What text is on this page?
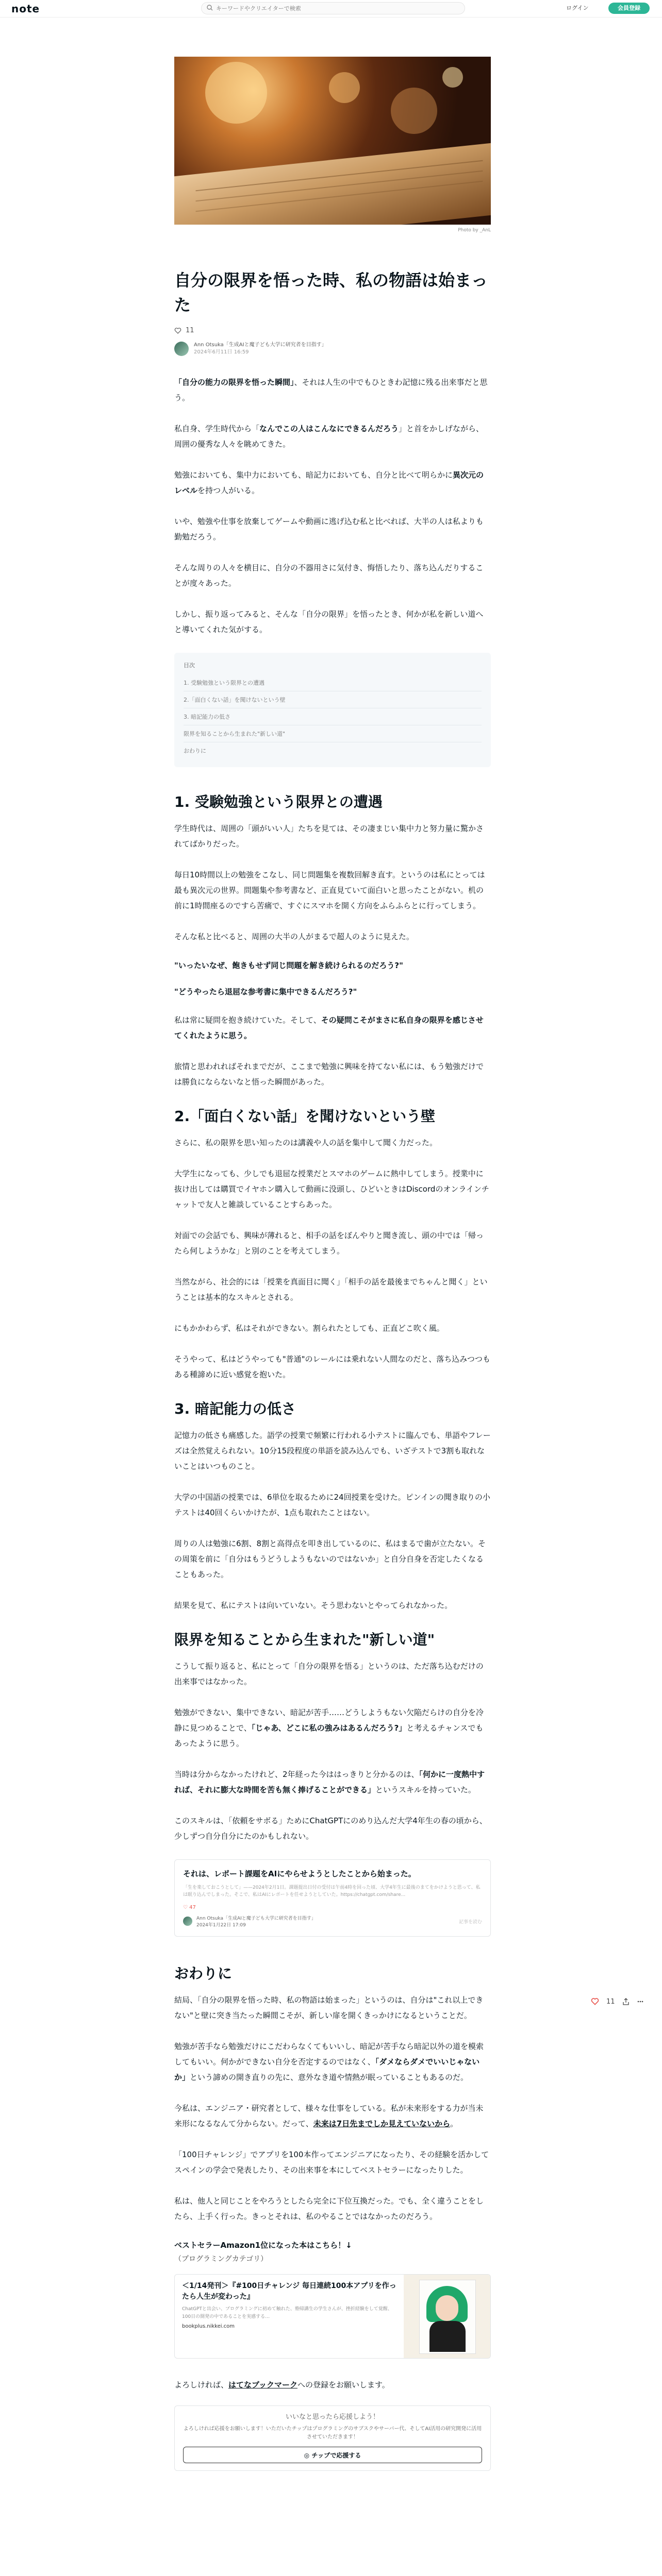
note
キーワードやクリエイターで検索	ログイン	会員登録
Photo by _AnL
自分の限界を悟った時、私の物語は始まった
11
Ann Otsuka「生成AIと魔子ども大学に研究者を目指す」
2024年6月11日 16:59

「自分の能力の限界を悟った瞬間」、それは人生の中でもひときわ記憶に残る出来事だと思う。

私自身、学生時代から「なんでこの人はこんなにできるんだろう」と首をかしげながら、周囲の優秀な人々を眺めてきた。

勉強においても、集中力においても、暗記力においても、自分と比べて明らかに異次元のレベルを持つ人がいる。

いや、勉強や仕事を放棄してゲームや動画に逃げ込む私と比べれば、大半の人は私よりも勤勉だろう。

そんな周りの人々を横目に、自分の不器用さに気付き、悔悟したり、落ち込んだりすることが度々あった。

しかし、振り返ってみると、そんな「自分の限界」を悟ったとき、何かが私を新しい道へと導いてくれた気がする。

目次
1. 受験勉強という限界との遭遇
2.「面白くない話」を聞けないという壁
3. 暗記能力の低さ
限界を知ることから生まれた"新しい道"
おわりに
1. 受験勉強という限界との遭遇

学生時代は、周囲の「頭がいい人」たちを見ては、その凄まじい集中力と努力量に驚かされてばかりだった。

毎日10時間以上の勉強をこなし、同じ問題集を複数回解き直す。というのは私にとっては最も異次元の世界。問題集や参考書など、正直見ていて面白いと思ったことがない。机の前に1時間座るのですら苦痛で、すぐにスマホを開く方向をふらふらとに行ってしまう。

そんな私と比べると、周囲の大半の人がまるで超人のように見えた。

"いったいなぜ、飽きもせず同じ問題を解き続けられるのだろう?"

"どうやったら退屈な参考書に集中できるんだろう?"

私は常に疑問を抱き続けていた。そして、その疑問こそがまさに私自身の限界を感じさせてくれたように思う。

旅情と思われればそれまでだが、ここまで勉強に興味を持てない私には、もう勉強だけでは勝負にならないなと悟った瞬間があった。

2.「面白くない話」を聞けないという壁

さらに、私の限界を思い知ったのは講義や人の話を集中して聞く力だった。

大学生になっても、少しでも退屈な授業だとスマホのゲームに熱中してしまう。授業中に抜け出しては購買でイヤホン購入して動画に没頭し、ひどいときはDiscordのオンラインチャットで友人と雑談していることすらあった。

対面での会話でも、興味が薄れると、相手の話をぼんやりと聞き流し、頭の中では「帰ったら何しようかな」と別のことを考えてしまう。

当然ながら、社会的には「授業を真面目に聞く」「相手の話を最後までちゃんと聞く」ということは基本的なスキルとされる。

にもかかわらず、私はそれができない。割られたとしても、正直どこ吹く風。

そうやって、私はどうやっても"普通"のレールには乗れない人間なのだと、落ち込みつつもある種諦めに近い感覚を抱いた。

3. 暗記能力の低さ

記憶力の低さも痛感した。語学の授業で頻繁に行われる小テストに臨んでも、単語やフレーズは全然覚えられない。10分15段程度の単語を読み込んでも、いざテストで3割も取れないことはいつものこと。

大学の中国語の授業では、6単位を取るために24回授業を受けた。ピンインの聞き取りの小テストは40回くらいかけたが、1点も取れたことはない。

周りの人は勉強に6割、8割と高得点を叩き出しているのに、私はまるで歯が立たない。その周策を前に「自分はもうどうしようもないのではないか」と自分自身を否定したくなることもあった。

結果を見て、私にテストは向いていない。そう思わないとやってられなかった。

限界を知ることから生まれた"新しい道"

こうして振り返ると、私にとって「自分の限界を悟る」というのは、ただ落ち込むだけの出来事ではなかった。

勉強ができない、集中できない、暗記が苦手……どうしようもない欠陥だらけの自分を冷静に見つめることで、「じゃあ、どこに私の強みはあるんだろう?」と考えるチャンスでもあったように思う。

当時は分からなかったけれど、2年経った今ははっきりと分かるのは、「何かに一度熱中すれば、それに膨大な時間を苦も無く捧げることができる」というスキルを持っていた。

このスキルは、「依頼をサボる」ためにChatGPTにのめり込んだ大学4年生の春の頃から、少しずつ自分自分にたのかもしれない。

それは、レポート課題をAIにやらせようとしたことから始まった。
「生を楽しておこうとして」——2024年2月1日。課題提出日付の受付は午前4時を回った頃、大学4年生に最後のまてをかけようと思って、私は眠り込んでしまった。そこで、私はAIにレポートを任せようとしていた。https://chatgpt.com/share...
♡ 47
Ann Otsuka「生成AIと魔子ども大学に研究者を目指す」
2024年1月22日 17:09
記事を読む
おわりに

結局、「自分の限界を悟った時、私の物語は始まった」というのは、自分は"これ以上できない"と壁に突き当たった瞬間こそが、新しい扉を開くきっかけになるということだ。

勉強が苦手なら勉強だけにこだわらなくてもいいし、暗記が苦手なら暗記以外の道を模索してもいい。何かができない自分を否定するのではなく、「ダメならダメでいいじゃないか」という諦めの開き直りの先に、意外なき道や情熱が眠っていることもあるのだ。

今私は、エンジニア・研究者として、様々な仕事をしている。私が未来形をする力が当未来形になるなんて分からない。だって、未来は7日先までしか見えていないから。

「100日チャレンジ」でアプリを100本作ってエンジニアになったり、その経験を活かしてスペインの学会で発表したり、その出来事を本にしてベストセラーになったりした。

私は、他人と同じことをやろうとしたら完全に下位互換だった。でも、全く違うことをしたら、上手く行った。きっとそれは、私のやることではなかったのだろう。

ベストセラーAmazon1位になった本はこちら！↓
（プログラミングカテゴリ）
＜1/14発刊＞『#100日チャレンジ 毎日連続100本アプリを作ったら人生が変わった』
ChatGPTと出会い、プログラミングに初めて触れた、塾帰講生の学生さんが、挫折経験をして覚醒、100日の開発の中であることを実感する…
bookplus.nikkei.com

よろしければ、はてなブックマークへの登録をお願いします。

いいなと思ったら応援しよう！
よろしければ応援をお願いします！いただいたチップはプログラミングのサブスクやサーバー代、そしてAI活用の研究開発に活用させていただきます！
◎ チップで応援する
11
